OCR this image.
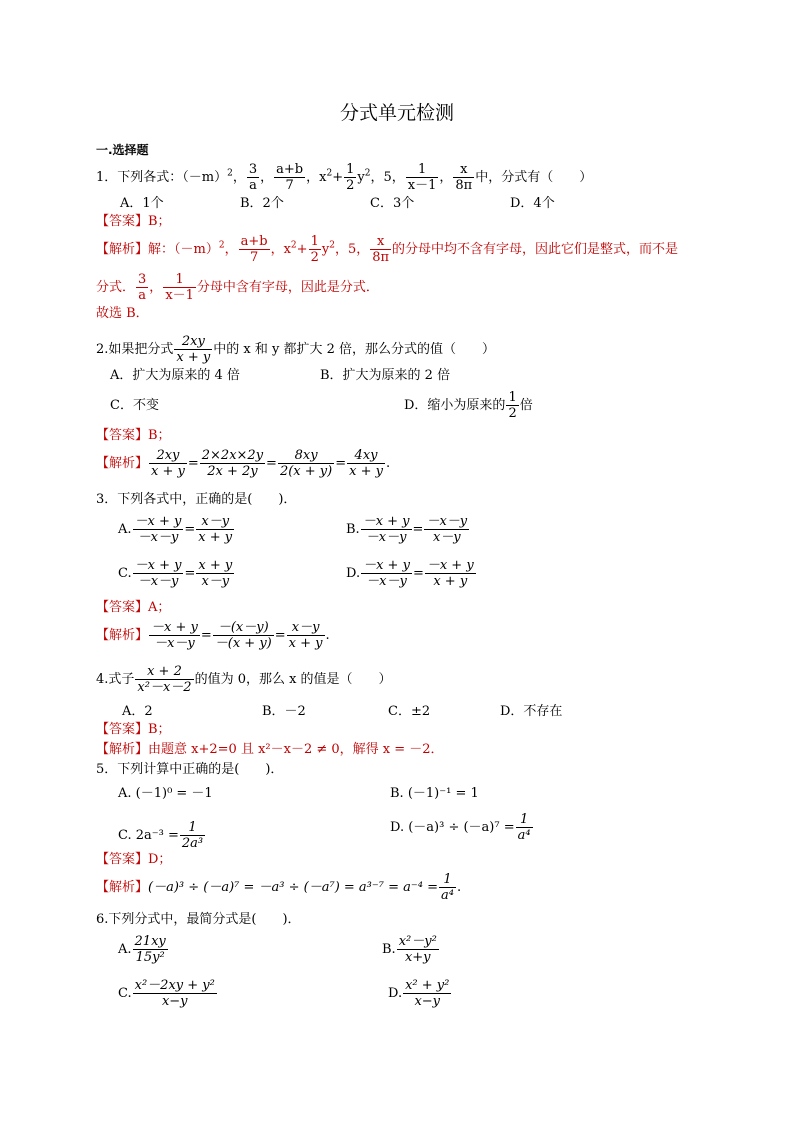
分式单元检测
一.选择题
1．下列各式：$(-m)^2$， $\frac{3}{a}$ ， $\frac{a+b}{7}$ ，$x^2+ \frac{1}{2} y^2$，5， $\frac{1}{x-1}$ ， $\frac{x}{8\pi}$ 中，分式有（　　）
A．1个	B．2个	C．3个	D．4个
【答案】B；
【解析】解：$(-m)^2$， $\frac{a+b}{7}$ ，$x^2+ \frac{1}{2} y^2$，5， $\frac{x}{8\pi}$ 的分母中均不含有字母，因此它们是整式，而不是
分式． $\frac{3}{a}$ ， $\frac{1}{x-1}$ 分母中含有字母，因此是分式．
故选 B．
2.如果把分式 $\frac{2xy}{x + y}$ 中的 x 和 y 都扩大 2 倍，那么分式的值（　　）
A．扩大为原来的 4 倍	B．扩大为原来的 2 倍
C．不变	D．缩小为原来的 $\frac{1}{2}$ 倍
【答案】B；
【解析】 $\frac{2xy}{x + y} = \frac{2\times 2x\times 2y}{2x + 2y} = \frac{8xy}{2(x + y)} = \frac{4xy}{x + y}$ .
3．下列各式中，正确的是(　　)．
A. $\frac{-x + y}{-x-y} = \frac{x-y}{x + y}$	B. $\frac{-x + y}{-x-y} = \frac{-x-y}{x-y}$
C. $\frac{-x + y}{-x-y} = \frac{x + y}{x-y}$	D. $\frac{-x + y}{-x-y} = \frac{-x + y}{x + y}$
【答案】A；
【解析】 $\frac{-x + y}{-x-y} = \frac{-(x-y)}{-(x + y)} = \frac{x-y}{x + y}$ .
4.式子 $\frac{x + 2}{\text{x²－x－2}}$ 的值为 0，那么 x 的值是（　　）
A．2	B．－2	C．±2	D．不存在
【答案】B；
【解析】由题意 x+2=0 且 x²－x－2 ≠ 0，解得 x = －2．
5．下列计算中正确的是(　　)．
A. (－1)⁰ = －1	B. (－1)⁻¹ = 1
C. $2a^{-3} = \frac{1}{\text{2a³}}$	D. $(-a)^3 \div (-a)^7 = \frac{1}{\text{a⁴}}$
【答案】D；
【解析】$(-a)^3 \div (-a)^7 = -a^3 \div (-a^7) = a^{3-7} = a^{-4} = \frac{1}{\text{a⁴}}$ .
6.下列分式中，最简分式是(　　)．
A. $\frac{21xy}{\text{15y²}}$	B. $\frac{\text{x²－y²}}{x+y}$
C. $\frac{\text{x²－2xy + y²}}{x-y}$	D. $\frac{\text{x² + y²}}{x-y}$
